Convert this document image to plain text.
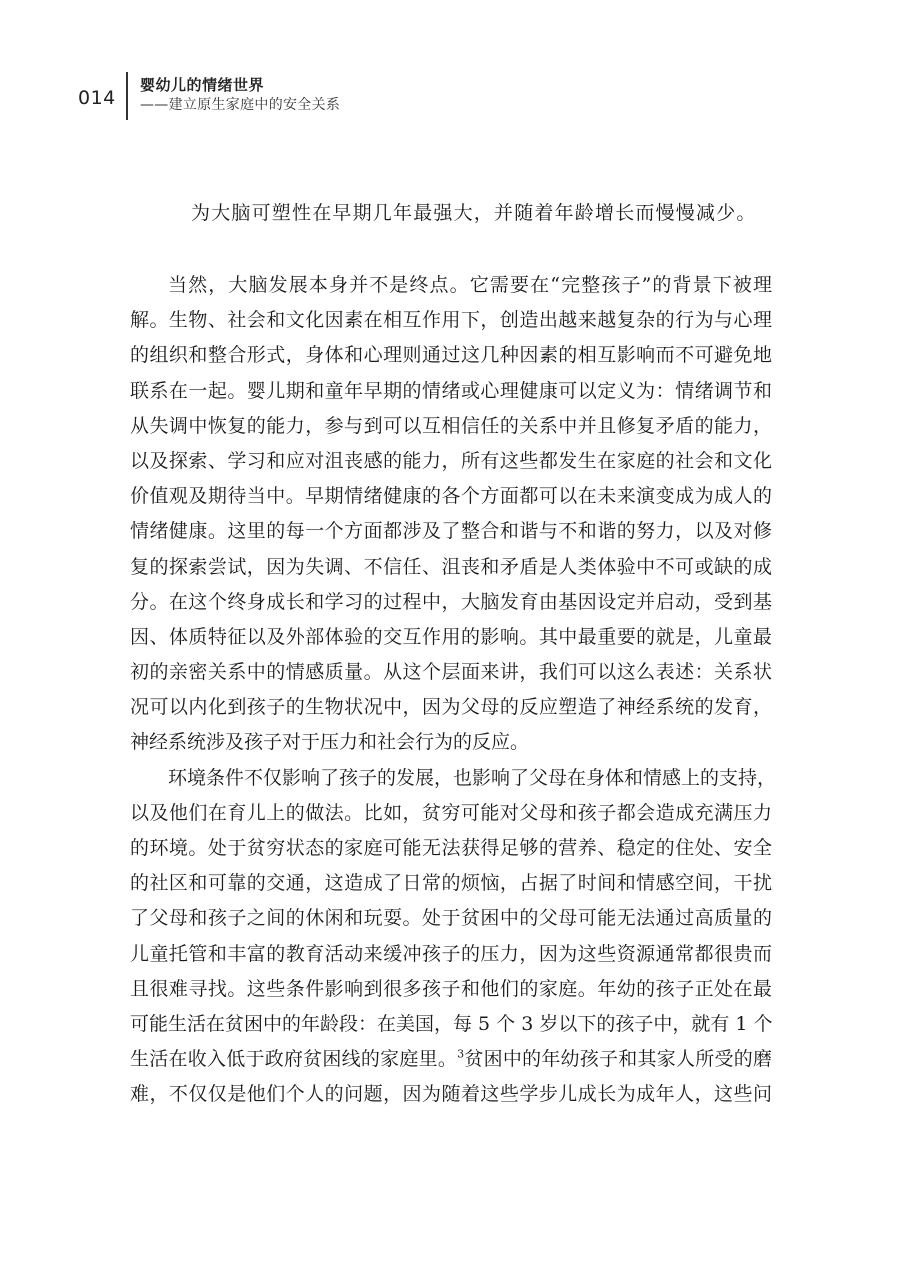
014
婴幼儿的情绪世界
——建立原生家庭中的安全关系

为大脑可塑性在早期几年最强大，并随着年龄增长而慢慢减少。

当然，大脑发展本身并不是终点。它需要在“完整孩子”的背景下被理
解。生物、社会和文化因素在相互作用下，创造出越来越复杂的行为与心理
的组织和整合形式，身体和心理则通过这几种因素的相互影响而不可避免地
联系在一起。婴儿期和童年早期的情绪或心理健康可以定义为：情绪调节和
从失调中恢复的能力，参与到可以互相信任的关系中并且修复矛盾的能力，
以及探索、学习和应对沮丧感的能力，所有这些都发生在家庭的社会和文化
价值观及期待当中。早期情绪健康的各个方面都可以在未来演变成为成人的
情绪健康。这里的每一个方面都涉及了整合和谐与不和谐的努力，以及对修
复的探索尝试，因为失调、不信任、沮丧和矛盾是人类体验中不可或缺的成
分。在这个终身成长和学习的过程中，大脑发育由基因设定并启动，受到基
因、体质特征以及外部体验的交互作用的影响。其中最重要的就是，儿童最
初的亲密关系中的情感质量。从这个层面来讲，我们可以这么表述：关系状
况可以内化到孩子的生物状况中，因为父母的反应塑造了神经系统的发育，
神经系统涉及孩子对于压力和社会行为的反应。

环境条件不仅影响了孩子的发展，也影响了父母在身体和情感上的支持，
以及他们在育儿上的做法。比如，贫穷可能对父母和孩子都会造成充满压力
的环境。处于贫穷状态的家庭可能无法获得足够的营养、稳定的住处、安全
的社区和可靠的交通，这造成了日常的烦恼，占据了时间和情感空间，干扰
了父母和孩子之间的休闲和玩耍。处于贫困中的父母可能无法通过高质量的
儿童托管和丰富的教育活动来缓冲孩子的压力，因为这些资源通常都很贵而
且很难寻找。这些条件影响到很多孩子和他们的家庭。年幼的孩子正处在最
可能生活在贫困中的年龄段：在美国，每 5 个 3 岁以下的孩子中，就有 1 个
生活在收入低于政府贫困线的家庭里。$^3$贫困中的年幼孩子和其家人所受的磨
难，不仅仅是他们个人的问题，因为随着这些学步儿成长为成年人，这些问
